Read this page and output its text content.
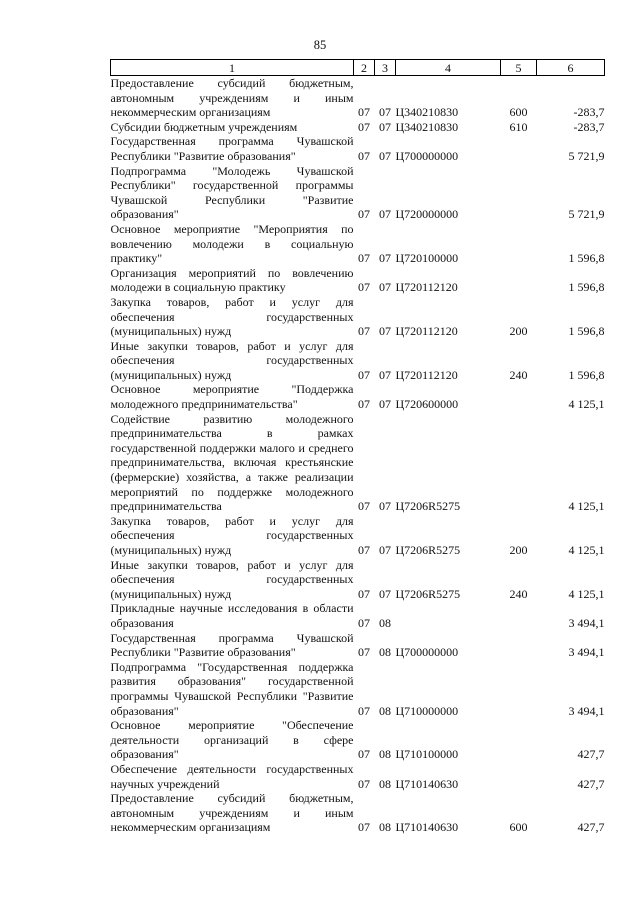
85
1	2	3	4	5	6
Предоставление субсидий бюджетным, автономным учреждениям и иным некоммерческим организациям	07	07	Ц340210830	600	-283,7
Субсидии бюджетным учреждениям	07	07	Ц340210830	610	-283,7
Государственная программа Чувашской Республики "Развитие образования"	07	07	Ц700000000		5 721,9
Подпрограмма "Молодежь Чувашской Республики" государственной программы Чувашской Республики "Развитие образования"	07	07	Ц720000000		5 721,9
Основное мероприятие "Мероприятия по вовлечению молодежи в социальную практику"	07	07	Ц720100000		1 596,8
Организация мероприятий по вовлечению молодежи в социальную практику	07	07	Ц720112120		1 596,8
Закупка товаров, работ и услуг для обеспечения государственных (муниципальных) нужд	07	07	Ц720112120	200	1 596,8
Иные закупки товаров, работ и услуг для обеспечения государственных (муниципальных) нужд	07	07	Ц720112120	240	1 596,8
Основное мероприятие "Поддержка молодежного предпринимательства"	07	07	Ц720600000		4 125,1
Содействие развитию молодежного предпринимательства в рамках государственной поддержки малого и среднего предпринимательства, включая крестьянские (фермерские) хозяйства, а также реализации мероприятий по поддержке молодежного предпринимательства	07	07	Ц7206R5275		4 125,1
Закупка товаров, работ и услуг для обеспечения государственных (муниципальных) нужд	07	07	Ц7206R5275	200	4 125,1
Иные закупки товаров, работ и услуг для обеспечения государственных (муниципальных) нужд	07	07	Ц7206R5275	240	4 125,1
Прикладные научные исследования в области образования	07	08			3 494,1
Государственная программа Чувашской Республики "Развитие образования"	07	08	Ц700000000		3 494,1
Подпрограмма "Государственная поддержка развития образования" государственной программы Чувашской Республики "Развитие образования"	07	08	Ц710000000		3 494,1
Основное мероприятие "Обеспечение деятельности организаций в сфере образования"	07	08	Ц710100000		427,7
Обеспечение деятельности государственных научных учреждений	07	08	Ц710140630		427,7
Предоставление субсидий бюджетным, автономным учреждениям и иным некоммерческим организациям	07	08	Ц710140630	600	427,7
